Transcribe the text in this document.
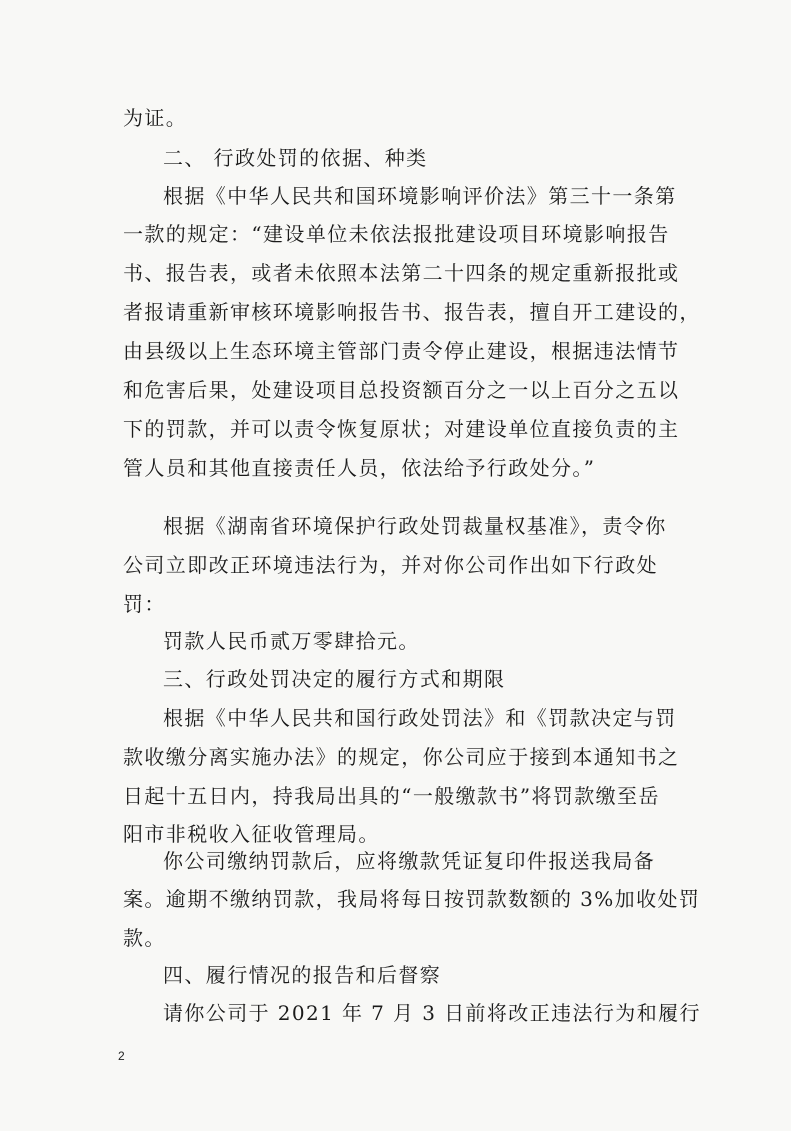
为证。
二、 行政处罚的依据、种类
根据《中华人民共和国环境影响评价法》第三十一条第
一款的规定：“建设单位未依法报批建设项目环境影响报告
书、报告表，或者未依照本法第二十四条的规定重新报批或
者报请重新审核环境影响报告书、报告表，擅自开工建设的，
由县级以上生态环境主管部门责令停止建设，根据违法情节
和危害后果，处建设项目总投资额百分之一以上百分之五以
下的罚款，并可以责令恢复原状；对建设单位直接负责的主
管人员和其他直接责任人员，依法给予行政处分。”
根据《湖南省环境保护行政处罚裁量权基准》，责令你
公司立即改正环境违法行为，并对你公司作出如下行政处
罚：
罚款人民币贰万零肆拾元。
三、行政处罚决定的履行方式和期限
根据《中华人民共和国行政处罚法》和《罚款决定与罚
款收缴分离实施办法》的规定，你公司应于接到本通知书之
日起十五日内，持我局出具的“一般缴款书”将罚款缴至岳
阳市非税收入征收管理局。
你公司缴纳罚款后，应将缴款凭证复印件报送我局备
案。逾期不缴纳罚款，我局将每日按罚款数额的 3%加收处罚
款。
四、履行情况的报告和后督察
请你公司于 2021 年 7 月 3 日前将改正违法行为和履行
2
